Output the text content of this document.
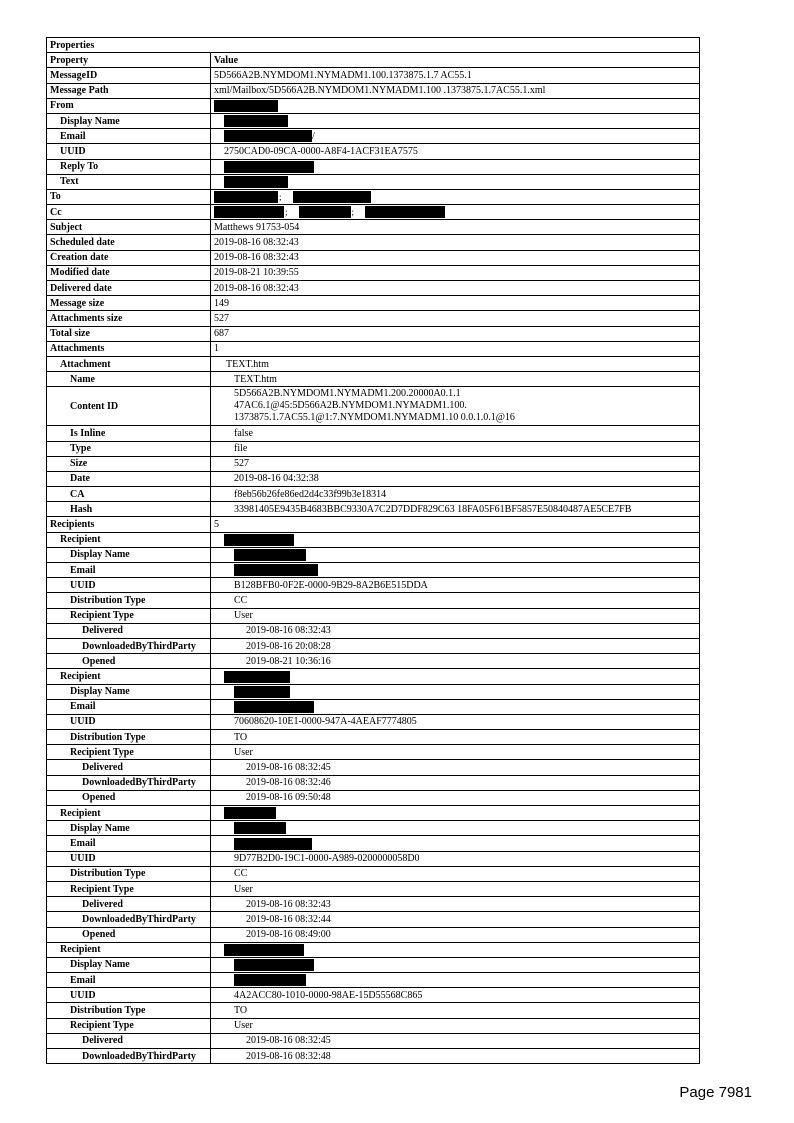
Properties	
Property	Value
MessageID	5D566A2B.NYMDOM1.NYMADM1.100.1373875.1.7 AC55.1
Message Path	xml/Mailbox/5D566A2B.NYMDOM1.NYMADM1.100 .1373875.1.7AC55.1.xml
From	
Display Name	
Email	/
UUID	2750CAD0-09CA-0000-A8F4-1ACF31EA7575
Reply To	
Text	
To	;
Cc	; ;
Subject	Matthews 91753-054
Scheduled date	2019-08-16 08:32:43
Creation date	2019-08-16 08:32:43
Modified date	2019-08-21 10:39:55
Delivered date	2019-08-16 08:32:43
Message size	149
Attachments size	527
Total size	687
Attachments	1
Attachment	TEXT.htm
Name	TEXT.htm
Content ID	5D566A2B.NYMDOM1.NYMADM1.200.20000A0.1.1
47AC6.1@45:5D566A2B.NYMDOM1.NYMADM1.100.
1373875.1.7AC55.1@1:7.NYMDOM1.NYMADM1.10 0.0.1.0.1@16

Is Inline	false
Type	file
Size	527
Date	2019-08-16 04:32:38
CA	f8eb56b26fe86ed2d4c33f99b3e18314
Hash	33981405E9435B4683BBC9330A7C2D7DDF829C63 18FA05F61BF5857E50840487AE5CE7FB
Recipients	5
Recipient	
Display Name	
Email	
UUID	B128BFB0-0F2E-0000-9B29-8A2B6E515DDA
Distribution Type	CC
Recipient Type	User
Delivered	2019-08-16 08:32:43
DownloadedByThirdParty	2019-08-16 20:08:28
Opened	2019-08-21 10:36:16
Recipient	
Display Name	
Email	
UUID	70608620-10E1-0000-947A-4AEAF7774805
Distribution Type	TO
Recipient Type	User
Delivered	2019-08-16 08:32:45
DownloadedByThirdParty	2019-08-16 08:32:46
Opened	2019-08-16 09:50:48
Recipient	
Display Name	
Email	
UUID	9D77B2D0-19C1-0000-A989-0200000058D0
Distribution Type	CC
Recipient Type	User
Delivered	2019-08-16 08:32:43
DownloadedByThirdParty	2019-08-16 08:32:44
Opened	2019-08-16 08:49:00
Recipient	
Display Name	
Email	
UUID	4A2ACC80-1010-0000-98AE-15D55568C865
Distribution Type	TO
Recipient Type	User
Delivered	2019-08-16 08:32:45
DownloadedByThirdParty	2019-08-16 08:32:48
Page 7981
